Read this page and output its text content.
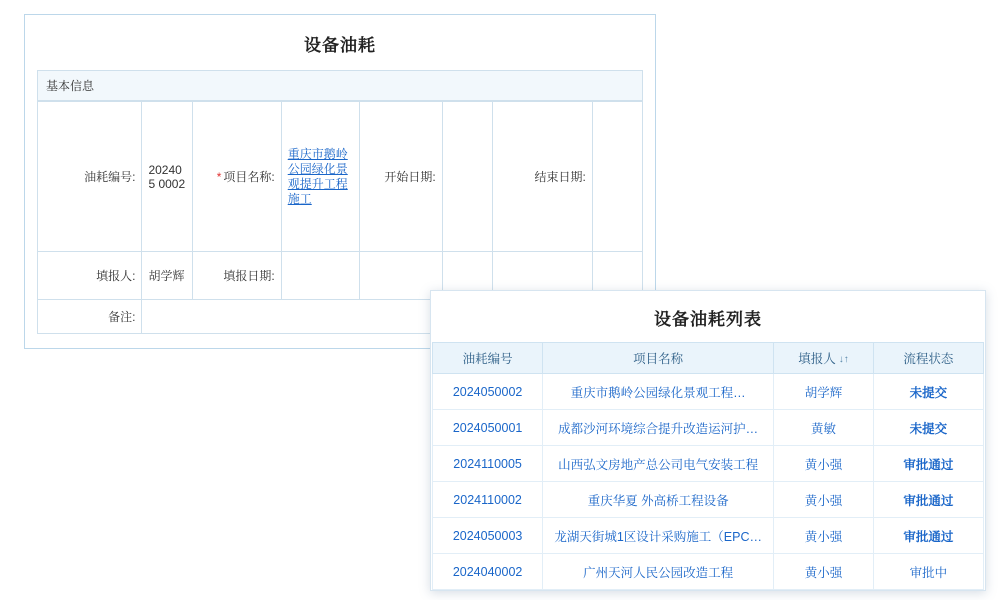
设备油耗
基本信息
油耗编号:	202405 0002	* 项目名称:	重庆市鹅岭公园绿化景观提升工程施工	开始日期:		结束日期:	
填报人:	胡学辉	填报日期:					
备注:								设备油耗列表
油耗编号	项目名称	填报人 ↓↑	流程状态
2024050002	重庆市鹅岭公园绿化景观工程…	胡学辉	未提交
2024050001	成都沙河环境综合提升改造运河护…	黄敏	未提交
2024110005	山西弘文房地产总公司电气安装工程	黄小强	审批通过
2024110002	重庆华夏 外高桥工程设备	黄小强	审批通过
2024050003	龙湖天街城1区设计采购施工（EPC…	黄小强	审批通过
2024040002	广州天河人民公园改造工程	黄小强	审批中
